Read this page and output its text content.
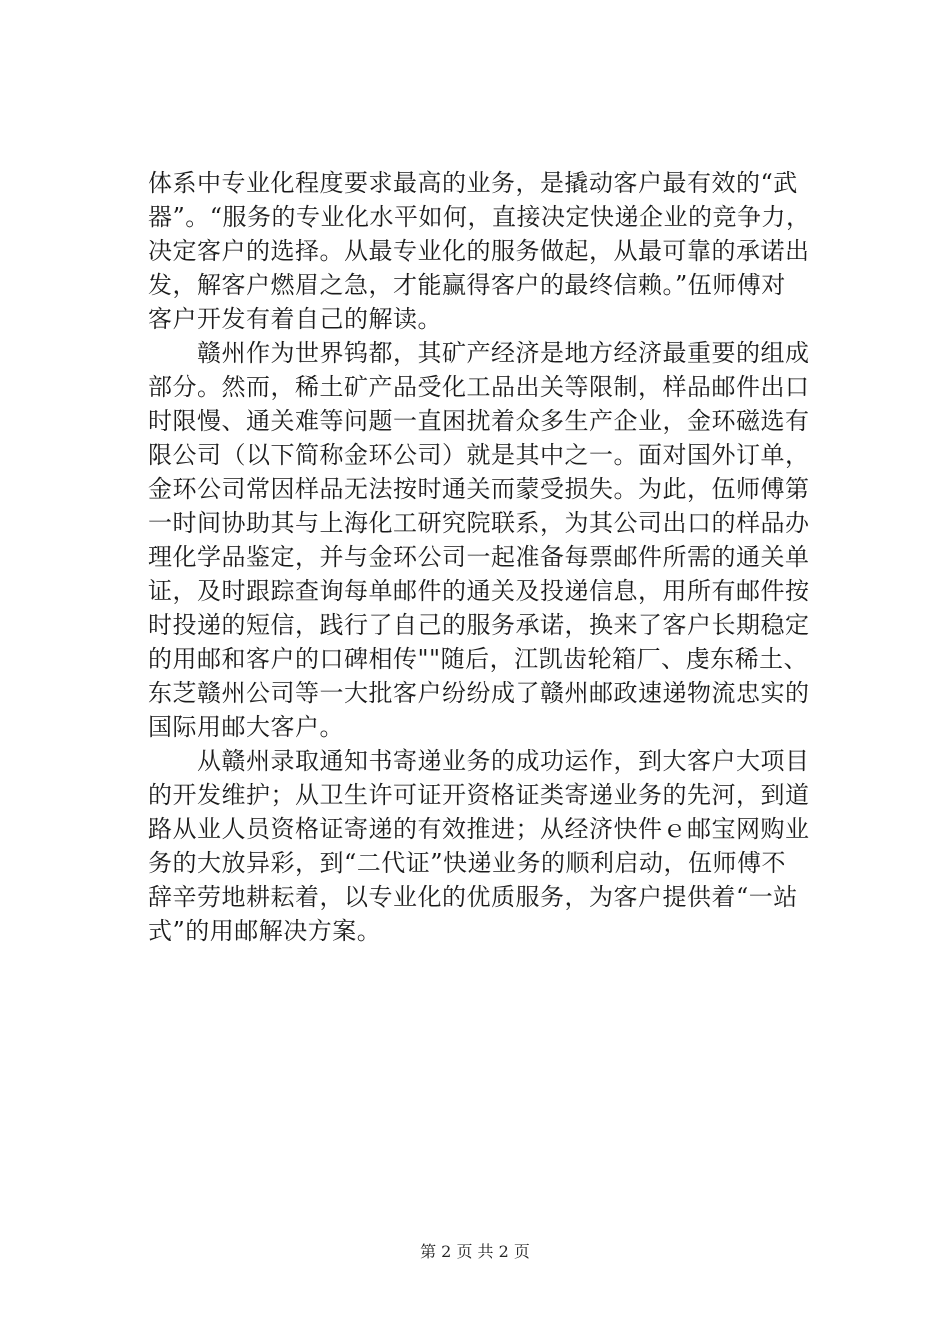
体系中专业化程度要求最高的业务，是撬动客户最有效的“武
器”。“服务的专业化水平如何，直接决定快递企业的竞争力，
决定客户的选择。从最专业化的服务做起，从最可靠的承诺出
发，解客户燃眉之急，才能赢得客户的最终信赖。”伍师傅对
客户开发有着自己的解读。
　　赣州作为世界钨都，其矿产经济是地方经济最重要的组成
部分。然而，稀土矿产品受化工品出关等限制，样品邮件出口
时限慢、通关难等问题一直困扰着众多生产企业，金环磁选有
限公司（以下简称金环公司）就是其中之一。面对国外订单，
金环公司常因样品无法按时通关而蒙受损失。为此，伍师傅第
一时间协助其与上海化工研究院联系，为其公司出口的样品办
理化学品鉴定，并与金环公司一起准备每票邮件所需的通关单
证，及时跟踪查询每单邮件的通关及投递信息，用所有邮件按
时投递的短信，践行了自己的服务承诺，换来了客户长期稳定
的用邮和客户的口碑相传""随后，江凯齿轮箱厂、虔东稀土、
东芝赣州公司等一大批客户纷纷成了赣州邮政速递物流忠实的
国际用邮大客户。
　　从赣州录取通知书寄递业务的成功运作，到大客户大项目
的开发维护；从卫生许可证开资格证类寄递业务的先河，到道
路从业人员资格证寄递的有效推进；从经济快件ｅ邮宝网购业
务的大放异彩，到“二代证”快递业务的顺利启动，伍师傅不
辞辛劳地耕耘着，以专业化的优质服务，为客户提供着“一站
式”的用邮解决方案。
第 2 页 共 2 页
